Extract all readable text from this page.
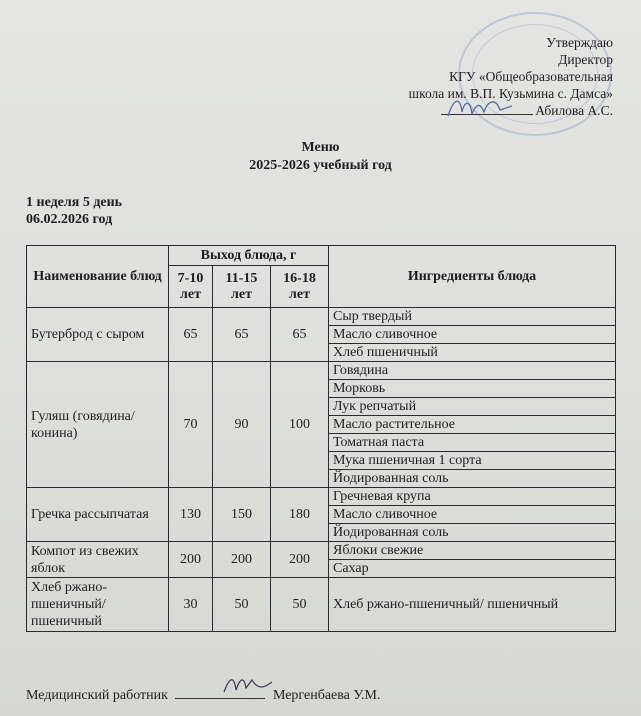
Утверждаю
Директор
КГУ «Общеобразовательная
школа им. В.П. Кузьмина с. Дамса»
Абилова А.С.
Меню
2025-2026 учебный год
1 неделя 5 день
06.02.2026 год
Наименование блюд	Выход блюда, г			Ингредиенты блюда
	7-10 лет	11-15 лет	16-18 лет	
Бутерброд с сыром	65	65	65	Сыр твердый
				Масло сливочное
				Хлеб пшеничный
Гуляш (говядина/ конина)	70	90	100	Говядина
				Морковь
				Лук репчатый
				Масло растительное
				Томатная паста
				Мука пшеничная 1 сорта
				Йодированная соль
Гречка рассыпчатая	130	150	180	Гречневая крупа
				Масло сливочное
				Йодированная соль
Компот из свежих яблок	200	200	200	Яблоки свежие
				Сахар
Хлеб ржано-пшеничный/ пшеничный	30	50	50	Хлеб ржано-пшеничный/ пшеничный
Медицинский работник	Мергенбаева У.М.
